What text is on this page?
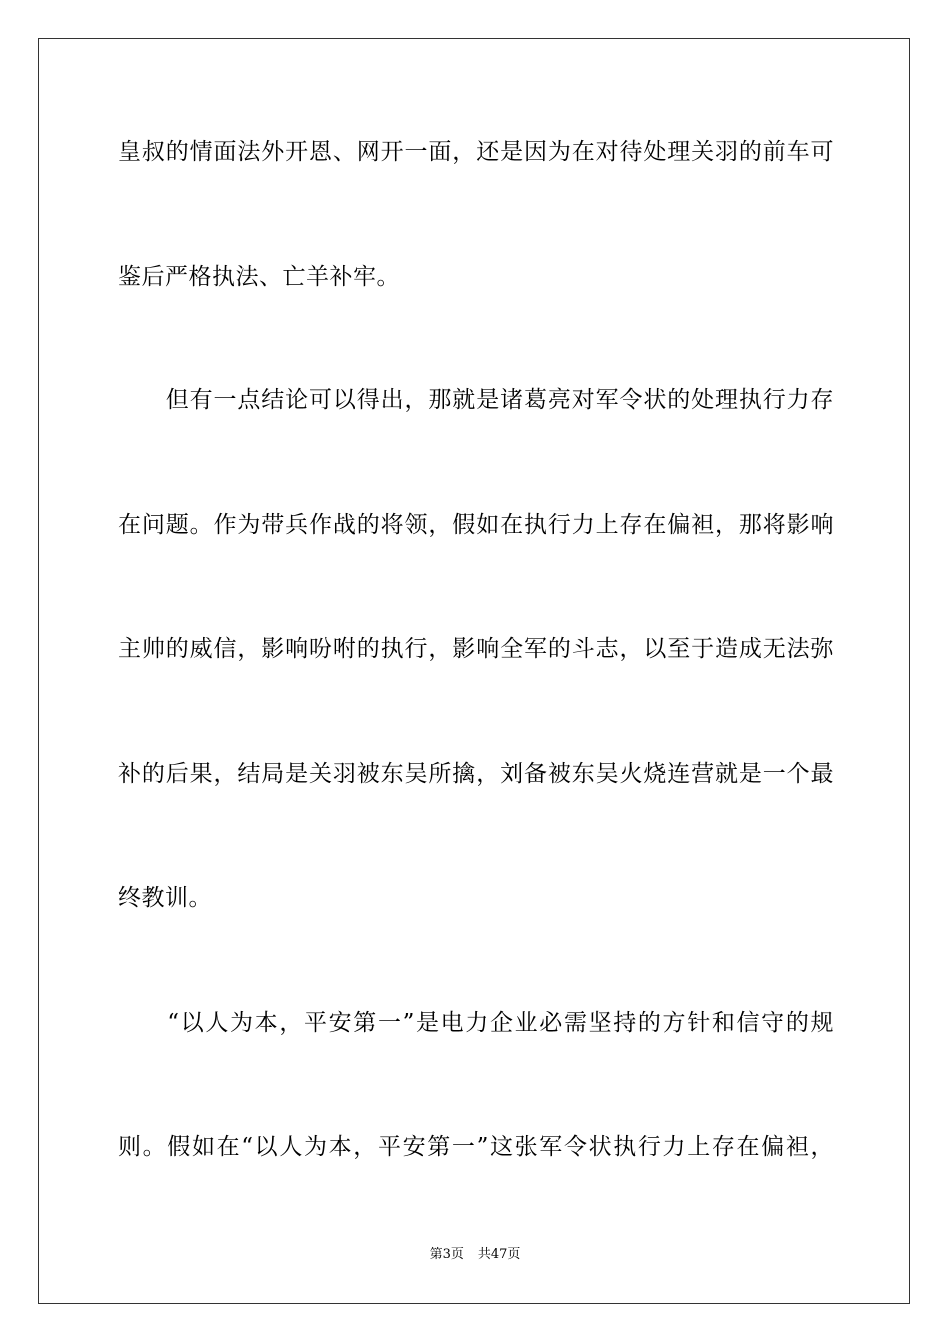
皇叔的情面法外开恩、网开一面，还是因为在对待处理关羽的前车可
鉴后严格执法、亡羊补牢。
　　但有一点结论可以得出，那就是诸葛亮对军令状的处理执行力存
在问题。作为带兵作战的将领，假如在执行力上存在偏袒，那将影响
主帅的威信，影响吩咐的执行，影响全军的斗志，以至于造成无法弥
补的后果，结局是关羽被东吴所擒，刘备被东吴火烧连营就是一个最
终教训。
　　“以人为本，平安第一”是电力企业必需坚持的方针和信守的规
则。假如在“以人为本，平安第一”这张军令状执行力上存在偏袒，
第3页 共47页
